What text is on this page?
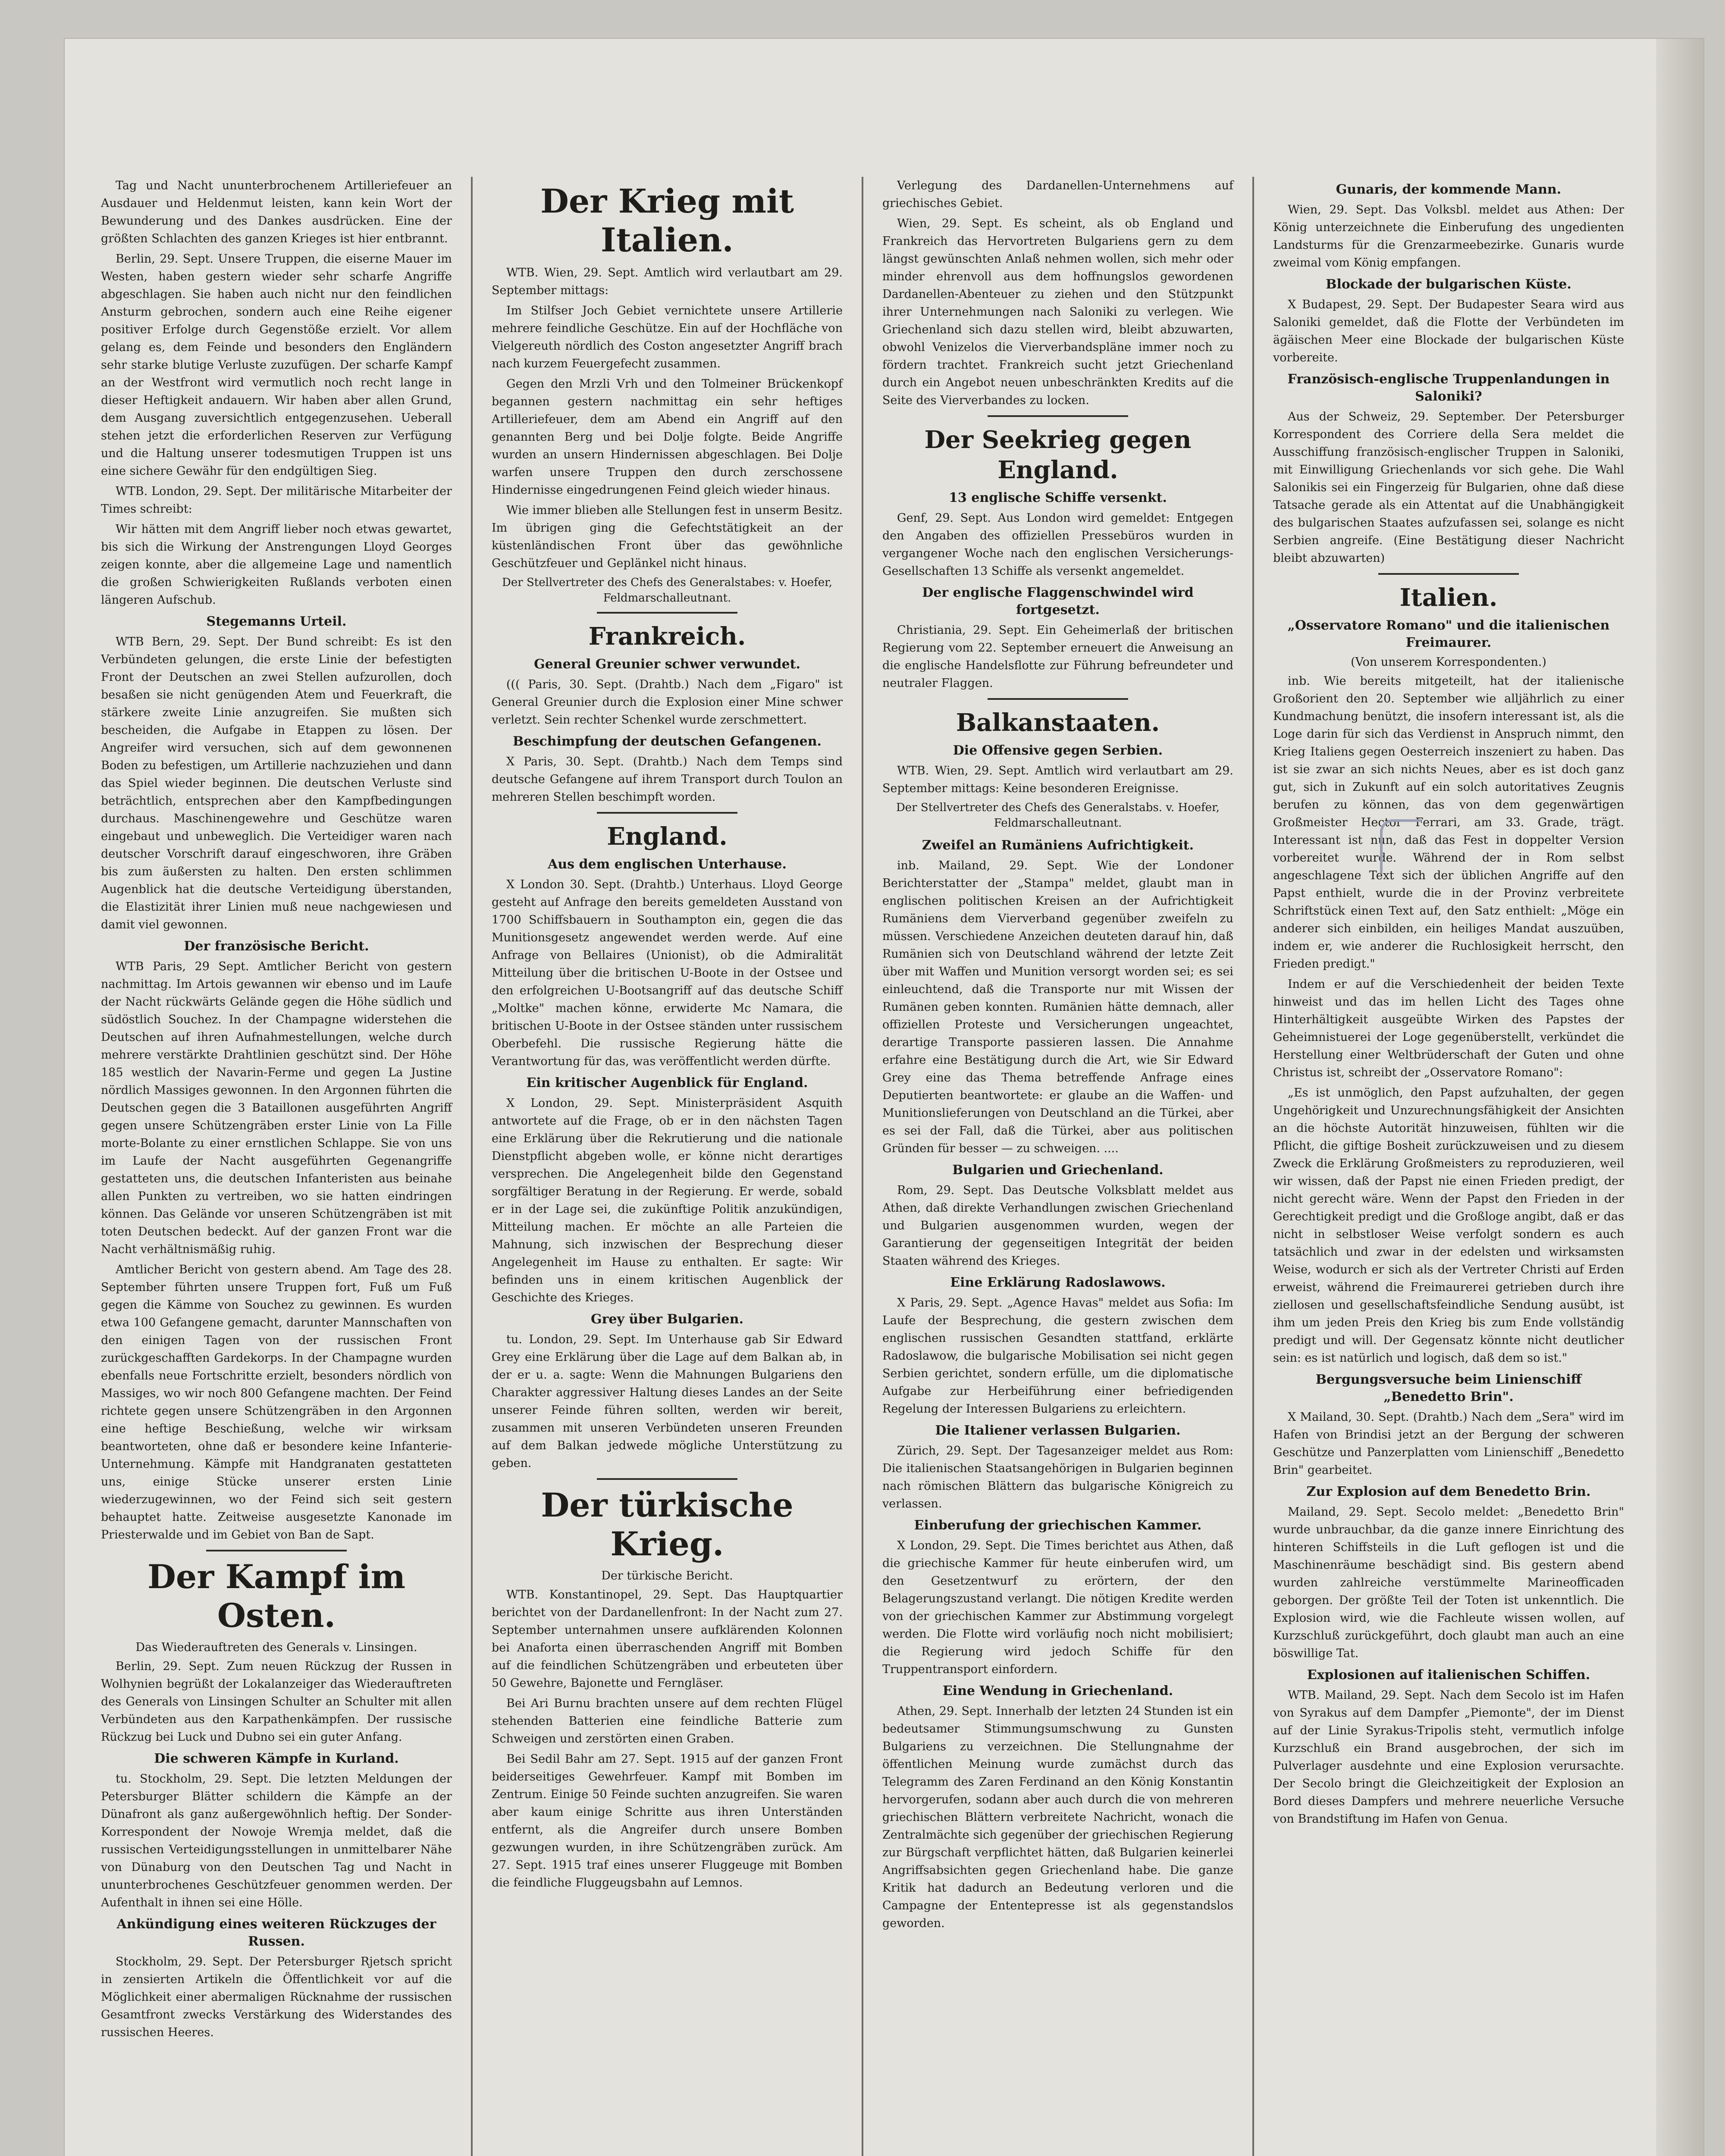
Tag und Nacht ununterbrochenem Artilleriefeuer an Ausdauer und Heldenmut leisten, kann kein Wort der Bewunderung und des Dankes ausdrücken. Eine der größten Schlachten des ganzen Krieges ist hier entbrannt.

Berlin, 29. Sept. Unsere Truppen, die eiserne Mauer im Westen, haben gestern wieder sehr scharfe Angriffe abgeschlagen. Sie haben auch nicht nur den feindlichen Ansturm gebrochen, sondern auch eine Reihe eigener positiver Erfolge durch Gegenstöße erzielt. Vor allem gelang es, dem Feinde und besonders den Engländern sehr starke blutige Verluste zuzufügen. Der scharfe Kampf an der Westfront wird vermutlich noch recht lange in dieser Heftigkeit andauern. Wir haben aber allen Grund, dem Ausgang zuversichtlich entgegenzusehen. Ueberall stehen jetzt die erforderlichen Reserven zur Verfügung und die Haltung unserer todesmutigen Truppen ist uns eine sichere Gewähr für den endgültigen Sieg.

WTB. London, 29. Sept. Der militärische Mitarbeiter der Times schreibt:

Wir hätten mit dem Angriff lieber noch etwas gewartet, bis sich die Wirkung der Anstrengungen Lloyd Georges zeigen konnte, aber die allgemeine Lage und namentlich die großen Schwierigkeiten Rußlands verboten einen längeren Aufschub.

Stegemanns Urteil.

WTB Bern, 29. Sept. Der Bund schreibt: Es ist den Verbündeten gelungen, die erste Linie der befestigten Front der Deutschen an zwei Stellen aufzurollen, doch besaßen sie nicht genügenden Atem und Feuerkraft, die stärkere zweite Linie anzugreifen. Sie mußten sich bescheiden, die Aufgabe in Etappen zu lösen. Der Angreifer wird versuchen, sich auf dem gewonnenen Boden zu befestigen, um Artillerie nachzuziehen und dann das Spiel wieder beginnen. Die deutschen Verluste sind beträchtlich, entsprechen aber den Kampfbedingungen durchaus. Maschinengewehre und Geschütze waren eingebaut und unbeweglich. Die Verteidiger waren nach deutscher Vorschrift darauf eingeschworen, ihre Gräben bis zum äußersten zu halten. Den ersten schlimmen Augenblick hat die deutsche Verteidigung überstanden, die Elastizität ihrer Linien muß neue nachgewiesen und damit viel gewonnen.

Der französische Bericht.

WTB Paris, 29 Sept. Amtlicher Bericht von gestern nachmittag. Im Artois gewannen wir ebenso und im Laufe der Nacht rückwärts Gelände gegen die Höhe südlich und südöstlich Souchez. In der Champagne widerstehen die Deutschen auf ihren Aufnahmestellungen, welche durch mehrere verstärkte Drahtlinien geschützt sind. Der Höhe 185 westlich der Navarin-Ferme und gegen La Justine nördlich Massiges gewonnen. In den Argonnen führten die Deutschen gegen die 3 Bataillonen ausgeführten Angriff gegen unsere Schützengräben erster Linie von La Fille morte-Bolante zu einer ernstlichen Schlappe. Sie von uns im Laufe der Nacht ausgeführten Gegenangriffe gestatteten uns, die deutschen Infanteristen aus beinahe allen Punkten zu vertreiben, wo sie hatten eindringen können. Das Gelände vor unseren Schützengräben ist mit toten Deutschen bedeckt. Auf der ganzen Front war die Nacht verhältnismäßig ruhig.

Amtlicher Bericht von gestern abend. Am Tage des 28. September führten unsere Truppen fort, Fuß um Fuß gegen die Kämme von Souchez zu gewinnen. Es wurden etwa 100 Gefangene gemacht, darunter Mannschaften von den einigen Tagen von der russischen Front zurückgeschafften Gardekorps. In der Champagne wurden ebenfalls neue Fortschritte erzielt, besonders nördlich von Massiges, wo wir noch 800 Gefangene machten. Der Feind richtete gegen unsere Schützengräben in den Argonnen eine heftige Beschießung, welche wir wirksam beantworteten, ohne daß er besondere keine Infanterie-Unternehmung. Kämpfe mit Handgranaten gestatteten uns, einige Stücke unserer ersten Linie wiederzugewinnen, wo der Feind sich seit gestern behauptet hatte. Zeitweise ausgesetzte Kanonade im Priesterwalde und im Gebiet von Ban de Sapt.

Der Kampf im Osten.
Das Wiederauftreten des Generals v. Linsingen.

Berlin, 29. Sept. Zum neuen Rückzug der Russen in Wolhynien begrüßt der Lokalanzeiger das Wiederauftreten des Generals von Linsingen Schulter an Schulter mit allen Verbündeten aus den Karpathenkämpfen. Der russische Rückzug bei Luck und Dubno sei ein guter Anfang.

Die schweren Kämpfe in Kurland.

tu. Stockholm, 29. Sept. Die letzten Meldungen der Petersburger Blätter schildern die Kämpfe an der Dünafront als ganz außergewöhnlich heftig. Der Sonder-Korrespondent der Nowoje Wremja meldet, daß die russischen Verteidigungsstellungen in unmittelbarer Nähe von Dünaburg von den Deutschen Tag und Nacht in ununterbrochenes Geschützfeuer genommen werden. Der Aufenthalt in ihnen sei eine Hölle.

Ankündigung eines weiteren Rückzuges der Russen.

Stockholm, 29. Sept. Der Petersburger Rjetsch spricht in zensierten Artikeln die Öffentlichkeit vor auf die Möglichkeit einer abermaligen Rücknahme der russischen Gesamtfront zwecks Verstärkung des Widerstandes des russischen Heeres.

Der Krieg mit Italien.

WTB. Wien, 29. Sept. Amtlich wird verlautbart am 29. September mittags:

Im Stilfser Joch Gebiet vernichtete unsere Artillerie mehrere feindliche Geschütze. Ein auf der Hochfläche von Vielgereuth nördlich des Coston angesetzter Angriff brach nach kurzem Feuergefecht zusammen.

Gegen den Mrzli Vrh und den Tolmeiner Brückenkopf begannen gestern nachmittag ein sehr heftiges Artilleriefeuer, dem am Abend ein Angriff auf den genannten Berg und bei Dolje folgte. Beide Angriffe wurden an unsern Hindernissen abgeschlagen. Bei Dolje warfen unsere Truppen den durch zerschossene Hindernisse eingedrungenen Feind gleich wieder hinaus.

Wie immer blieben alle Stellungen fest in unserm Besitz. Im übrigen ging die Gefechtstätigkeit an der küstenländischen Front über das gewöhnliche Geschützfeuer und Geplänkel nicht hinaus.

Der Stellvertreter des Chefs des Generalstabes: v. Hoefer, Feldmarschalleutnant.
Frankreich.
General Greunier schwer verwundet.

((( Paris, 30. Sept. (Drahtb.) Nach dem „Figaro" ist General Greunier durch die Explosion einer Mine schwer verletzt. Sein rechter Schenkel wurde zerschmettert.

Beschimpfung der deutschen Gefangenen.

X Paris, 30. Sept. (Drahtb.) Nach dem Temps sind deutsche Gefangene auf ihrem Transport durch Toulon an mehreren Stellen beschimpft worden.

England.
Aus dem englischen Unterhause.

X London 30. Sept. (Drahtb.) Unterhaus. Lloyd George gesteht auf Anfrage den bereits gemeldeten Ausstand von 1700 Schiffsbauern in Southampton ein, gegen die das Munitionsgesetz angewendet werden werde. Auf eine Anfrage von Bellaires (Unionist), ob die Admiralität Mitteilung über die britischen U-Boote in der Ostsee und den erfolgreichen U-Bootsangriff auf das deutsche Schiff „Moltke" machen könne, erwiderte Mc Namara, die britischen U-Boote in der Ostsee ständen unter russischem Oberbefehl. Die russische Regierung hätte die Verantwortung für das, was veröffentlicht werden dürfte.

Ein kritischer Augenblick für England.

X London, 29. Sept. Ministerpräsident Asquith antwortete auf die Frage, ob er in den nächsten Tagen eine Erklärung über die Rekrutierung und die nationale Dienstpflicht abgeben wolle, er könne nicht derartiges versprechen. Die Angelegenheit bilde den Gegenstand sorgfältiger Beratung in der Regierung. Er werde, sobald er in der Lage sei, die zukünftige Politik anzukündigen, Mitteilung machen. Er möchte an alle Parteien die Mahnung, sich inzwischen der Besprechung dieser Angelegenheit im Hause zu enthalten. Er sagte: Wir befinden uns in einem kritischen Augenblick der Geschichte des Krieges.

Grey über Bulgarien.

tu. London, 29. Sept. Im Unterhause gab Sir Edward Grey eine Erklärung über die Lage auf dem Balkan ab, in der er u. a. sagte: Wenn die Mahnungen Bulgariens den Charakter aggressiver Haltung dieses Landes an der Seite unserer Feinde führen sollten, werden wir bereit, zusammen mit unseren Verbündeten unseren Freunden auf dem Balkan jedwede mögliche Unterstützung zu geben.

Der türkische Krieg.
Der türkische Bericht.

WTB. Konstantinopel, 29. Sept. Das Hauptquartier berichtet von der Dardanellenfront: In der Nacht zum 27. September unternahmen unsere aufklärenden Kolonnen bei Anaforta einen überraschenden Angriff mit Bomben auf die feindlichen Schützengräben und erbeuteten über 50 Gewehre, Bajonette und Ferngläser.

Bei Ari Burnu brachten unsere auf dem rechten Flügel stehenden Batterien eine feindliche Batterie zum Schweigen und zerstörten einen Graben.

Bei Sedil Bahr am 27. Sept. 1915 auf der ganzen Front beiderseitiges Gewehrfeuer. Kampf mit Bomben im Zentrum. Einige 50 Feinde suchten anzugreifen. Sie waren aber kaum einige Schritte aus ihren Unterständen entfernt, als die Angreifer durch unsere Bomben gezwungen wurden, in ihre Schützengräben zurück. Am 27. Sept. 1915 traf eines unserer Fluggeuge mit Bomben die feindliche Fluggeugsbahn auf Lemnos.

Verlegung des Dardanellen-Unternehmens auf griechisches Gebiet.

Wien, 29. Sept. Es scheint, als ob England und Frankreich das Hervortreten Bulgariens gern zu dem längst gewünschten Anlaß nehmen wollen, sich mehr oder minder ehrenvoll aus dem hoffnungslos gewordenen Dardanellen-Abenteuer zu ziehen und den Stützpunkt ihrer Unternehmungen nach Saloniki zu verlegen. Wie Griechenland sich dazu stellen wird, bleibt abzuwarten, obwohl Venizelos die Vierverbandspläne immer noch zu fördern trachtet. Frankreich sucht jetzt Griechenland durch ein Angebot neuen unbeschränkten Kredits auf die Seite des Vierverbandes zu locken.

Der Seekrieg gegen England.
13 englische Schiffe versenkt.

Genf, 29. Sept. Aus London wird gemeldet: Entgegen den Angaben des offiziellen Pressebüros wurden in vergangener Woche nach den englischen Versicherungs-Gesellschaften 13 Schiffe als versenkt angemeldet.

Der englische Flaggenschwindel wird fortgesetzt.

Christiania, 29. Sept. Ein Geheimerlaß der britischen Regierung vom 22. September erneuert die Anweisung an die englische Handelsflotte zur Führung befreundeter und neutraler Flaggen.

Balkanstaaten.
Die Offensive gegen Serbien.

WTB. Wien, 29. Sept. Amtlich wird verlautbart am 29. September mittags: Keine besonderen Ereignisse.

Der Stellvertreter des Chefs des Generalstabs. v. Hoefer, Feldmarschalleutnant.
Zweifel an Rumäniens Aufrichtigkeit.

inb. Mailand, 29. Sept. Wie der Londoner Berichterstatter der „Stampa" meldet, glaubt man in englischen politischen Kreisen an der Aufrichtigkeit Rumäniens dem Vierverband gegenüber zweifeln zu müssen. Verschiedene Anzeichen deuteten darauf hin, daß Rumänien sich von Deutschland während der letzte Zeit über mit Waffen und Munition versorgt worden sei; es sei einleuchtend, daß die Transporte nur mit Wissen der Rumänen geben konnten. Rumänien hätte demnach, aller offiziellen Proteste und Versicherungen ungeachtet, derartige Transporte passieren lassen. Die Annahme erfahre eine Bestätigung durch die Art, wie Sir Edward Grey eine das Thema betreffende Anfrage eines Deputierten beantwortete: er glaube an die Waffen- und Munitionslieferungen von Deutschland an die Türkei, aber es sei der Fall, daß die Türkei, aber aus politischen Gründen für besser — zu schweigen. ....

Bulgarien und Griechenland.

Rom, 29. Sept. Das Deutsche Volksblatt meldet aus Athen, daß direkte Verhandlungen zwischen Griechenland und Bulgarien ausgenommen wurden, wegen der Garantierung der gegenseitigen Integrität der beiden Staaten während des Krieges.

Eine Erklärung Radoslawows.

X Paris, 29. Sept. „Agence Havas" meldet aus Sofia: Im Laufe der Besprechung, die gestern zwischen dem englischen russischen Gesandten stattfand, erklärte Radoslawow, die bulgarische Mobilisation sei nicht gegen Serbien gerichtet, sondern erfülle, um die diplomatische Aufgabe zur Herbeiführung einer befriedigenden Regelung der Interessen Bulgariens zu erleichtern.

Die Italiener verlassen Bulgarien.

Zürich, 29. Sept. Der Tagesanzeiger meldet aus Rom: Die italienischen Staatsangehörigen in Bulgarien beginnen nach römischen Blättern das bulgarische Königreich zu verlassen.

Einberufung der griechischen Kammer.

X London, 29. Sept. Die Times berichtet aus Athen, daß die griechische Kammer für heute einberufen wird, um den Gesetzentwurf zu erörtern, der den Belagerungszustand verlangt. Die nötigen Kredite werden von der griechischen Kammer zur Abstimmung vorgelegt werden. Die Flotte wird vorläufig noch nicht mobilisiert; die Regierung wird jedoch Schiffe für den Truppentransport einfordern.

Eine Wendung in Griechenland.

Athen, 29. Sept. Innerhalb der letzten 24 Stunden ist ein bedeutsamer Stimmungsumschwung zu Gunsten Bulgariens zu verzeichnen. Die Stellungnahme der öffentlichen Meinung wurde zumächst durch das Telegramm des Zaren Ferdinand an den König Konstantin hervorgerufen, sodann aber auch durch die von mehreren griechischen Blättern verbreitete Nachricht, wonach die Zentralmächte sich gegenüber der griechischen Regierung zur Bürgschaft verpflichtet hätten, daß Bulgarien keinerlei Angriffsabsichten gegen Griechenland habe. Die ganze Kritik hat dadurch an Bedeutung verloren und die Campagne der Ententepresse ist als gegenstandslos geworden.

Gunaris, der kommende Mann.

Wien, 29. Sept. Das Volksbl. meldet aus Athen: Der König unterzeichnete die Einberufung des ungedienten Landsturms für die Grenzarmeebezirke. Gunaris wurde zweimal vom König empfangen.

Blockade der bulgarischen Küste.

X Budapest, 29. Sept. Der Budapester Seara wird aus Saloniki gemeldet, daß die Flotte der Verbündeten im ägäischen Meer eine Blockade der bulgarischen Küste vorbereite.

Französisch-englische Truppenlandungen in Saloniki?

Aus der Schweiz, 29. September. Der Petersburger Korrespondent des Corriere della Sera meldet die Ausschiffung französisch-englischer Truppen in Saloniki, mit Einwilligung Griechenlands vor sich gehe. Die Wahl Salonikis sei ein Fingerzeig für Bulgarien, ohne daß diese Tatsache gerade als ein Attentat auf die Unabhängigkeit des bulgarischen Staates aufzufassen sei, solange es nicht Serbien angreife. (Eine Bestätigung dieser Nachricht bleibt abzuwarten)

Italien.
„Osservatore Romano" und die italienischen Freimaurer.
(Von unserem Korrespondenten.)

inb. Wie bereits mitgeteilt, hat der italienische Großorient den 20. September wie alljährlich zu einer Kundmachung benützt, die insofern interessant ist, als die Loge darin für sich das Verdienst in Anspruch nimmt, den Krieg Italiens gegen Oesterreich inszeniert zu haben. Das ist sie zwar an sich nichts Neues, aber es ist doch ganz gut, sich in Zukunft auf ein solch autoritatives Zeugnis berufen zu können, das von dem gegenwärtigen Großmeister Hector Ferrari, am 33. Grade, trägt. Interessant ist nun, daß das Fest in doppelter Version vorbereitet wurde. Während der in Rom selbst angeschlagene Text sich der üblichen Angriffe auf den Papst enthielt, wurde die in der Provinz verbreitete Schriftstück einen Text auf, den Satz enthielt: „Möge ein anderer sich einbilden, ein heiliges Mandat auszuüben, indem er, wie anderer die Ruchlosigkeit herrscht, den Frieden predigt."

Indem er auf die Verschiedenheit der beiden Texte hinweist und das im hellen Licht des Tages ohne Hinterhältigkeit ausgeübte Wirken des Papstes der Geheimnistuerei der Loge gegenüberstellt, verkündet die Herstellung einer Weltbrüderschaft der Guten und ohne Christus ist, schreibt der „Osservatore Romano":

„Es ist unmöglich, den Papst aufzuhalten, der gegen Ungehörigkeit und Unzurechnungsfähigkeit der Ansichten an die höchste Autorität hinzuweisen, fühlten wir die Pflicht, die giftige Bosheit zurückzuweisen und zu diesem Zweck die Erklärung Großmeisters zu reproduzieren, weil wir wissen, daß der Papst nie einen Frieden predigt, der nicht gerecht wäre. Wenn der Papst den Frieden in der Gerechtigkeit predigt und die Großloge angibt, daß er das nicht in selbstloser Weise verfolgt sondern es auch tatsächlich und zwar in der edelsten und wirksamsten Weise, wodurch er sich als der Vertreter Christi auf Erden erweist, während die Freimaurerei getrieben durch ihre ziellosen und gesellschaftsfeindliche Sendung ausübt, ist ihm um jeden Preis den Krieg bis zum Ende vollständig predigt und will. Der Gegensatz könnte nicht deutlicher sein: es ist natürlich und logisch, daß dem so ist."

Bergungsversuche beim Linienschiff „Benedetto Brin".

X Mailand, 30. Sept. (Drahtb.) Nach dem „Sera" wird im Hafen von Brindisi jetzt an der Bergung der schweren Geschütze und Panzerplatten vom Linienschiff „Benedetto Brin" gearbeitet.

Zur Explosion auf dem Benedetto Brin.

Mailand, 29. Sept. Secolo meldet: „Benedetto Brin" wurde unbrauchbar, da die ganze innere Einrichtung des hinteren Schiffsteils in die Luft geflogen ist und die Maschinenräume beschädigt sind. Bis gestern abend wurden zahlreiche verstümmelte Marineofficaden geborgen. Der größte Teil der Toten ist unkenntlich. Die Explosion wird, wie die Fachleute wissen wollen, auf Kurzschluß zurückgeführt, doch glaubt man auch an eine böswillige Tat.

Explosionen auf italienischen Schiffen.

WTB. Mailand, 29. Sept. Nach dem Secolo ist im Hafen von Syrakus auf dem Dampfer „Piemonte", der im Dienst auf der Linie Syrakus-Tripolis steht, vermutlich infolge Kurzschluß ein Brand ausgebrochen, der sich im Pulverlager ausdehnte und eine Explosion verursachte. Der Secolo bringt die Gleichzeitigkeit der Explosion an Bord dieses Dampfers und mehrere neuerliche Versuche von Brandstiftung im Hafen von Genua.
